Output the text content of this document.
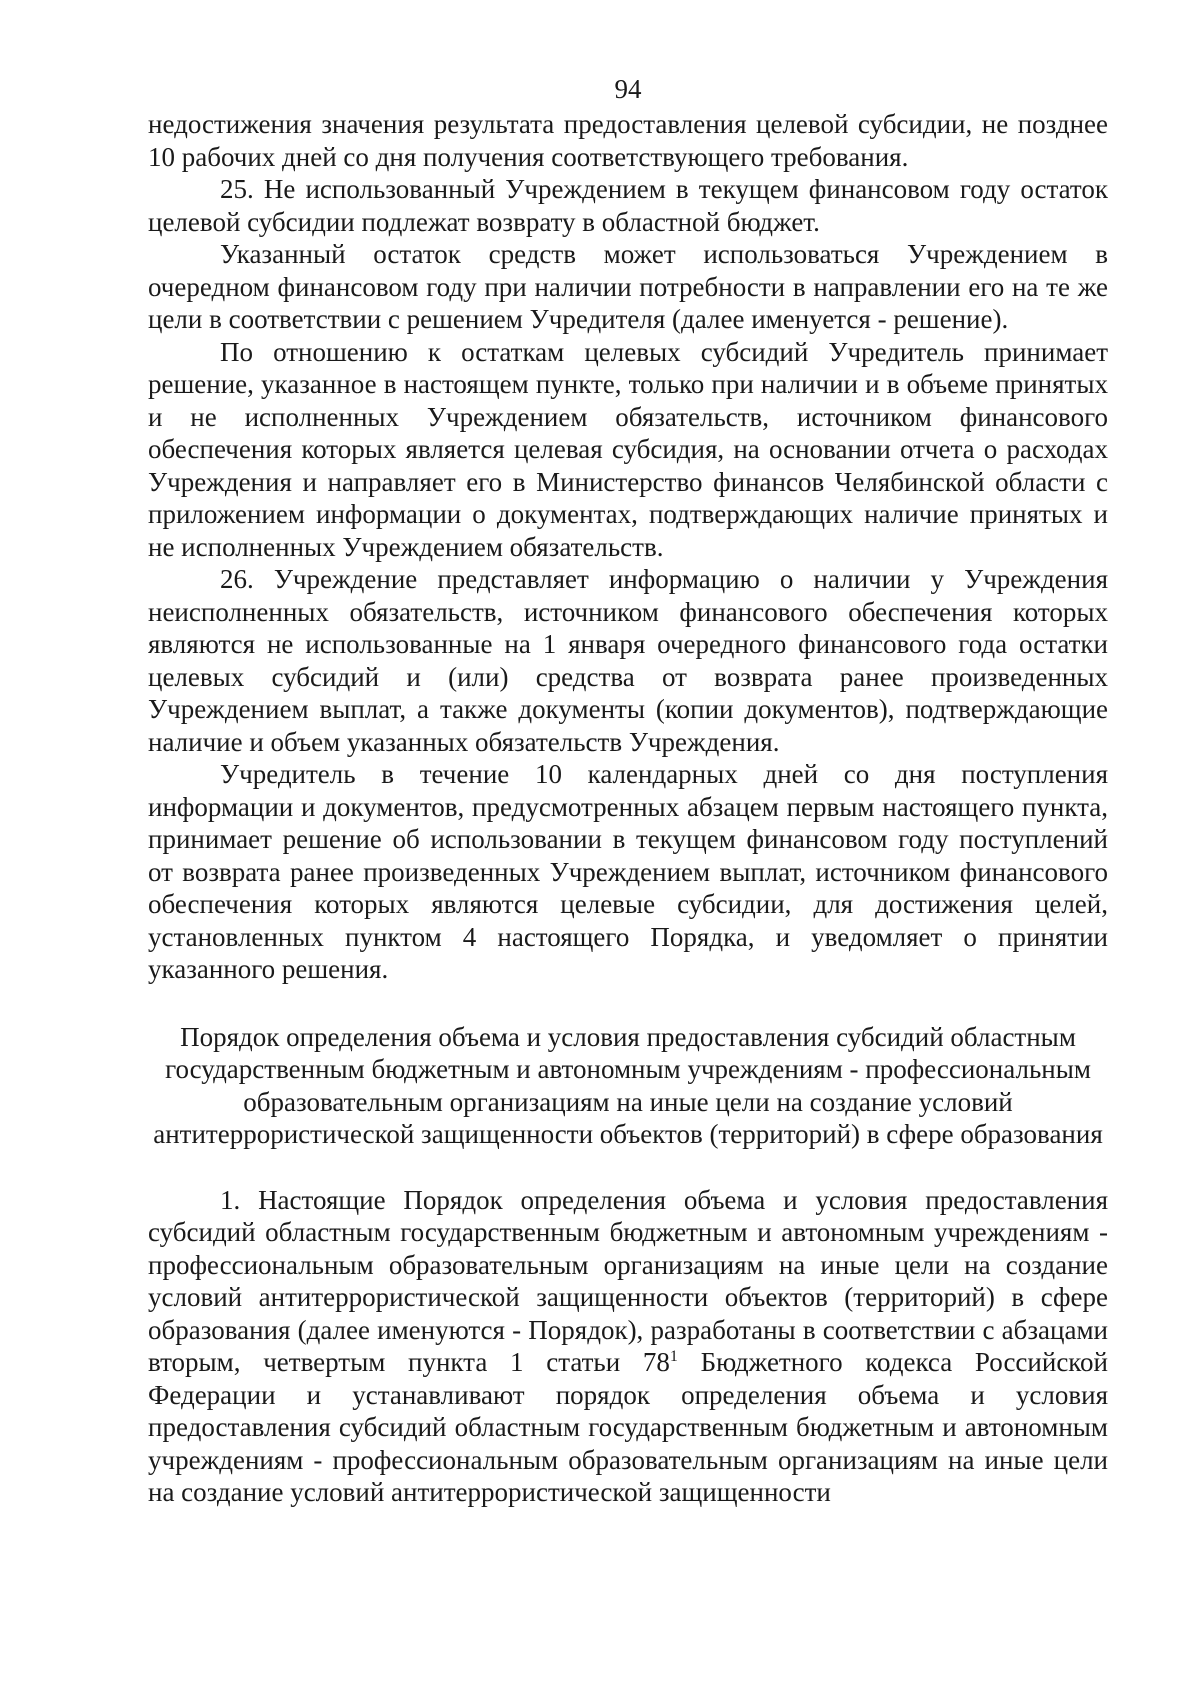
94

недостижения значения результата предоставления целевой субсидии, не позднее 10 рабочих дней со дня получения соответствующего требования.

25. Не использованный Учреждением в текущем финансовом году остаток целевой субсидии подлежат возврату в областной бюджет.

Указанный остаток средств может использоваться Учреждением в очередном финансовом году при наличии потребности в направлении его на те же цели в соответствии с решением Учредителя (далее именуется - решение).

По отношению к остаткам целевых субсидий Учредитель принимает решение, указанное в настоящем пункте, только при наличии и в объеме принятых и не исполненных Учреждением обязательств, источником финансового обеспечения которых является целевая субсидия, на основании отчета о расходах Учреждения и направляет его в Министерство финансов Челябинской области с приложением информации о документах, подтверждающих наличие принятых и не исполненных Учреждением обязательств.

26. Учреждение представляет информацию о наличии у Учреждения неисполненных обязательств, источником финансового обеспечения которых являются не использованные на 1 января очередного финансового года остатки целевых субсидий и (или) средства от возврата ранее произведенных Учреждением выплат, а также документы (копии документов), подтверждающие наличие и объем указанных обязательств Учреждения.

Учредитель в течение 10 календарных дней со дня поступления информации и документов, предусмотренных абзацем первым настоящего пункта, принимает решение об использовании в текущем финансовом году поступлений от возврата ранее произведенных Учреждением выплат, источником финансового обеспечения которых являются целевые субсидии, для достижения целей, установленных пунктом 4 настоящего Порядка, и уведомляет о принятии указанного решения.

Порядок определения объема и условия предоставления субсидий областным государственным бюджетным и автономным учреждениям - профессиональным образовательным организациям на иные цели на создание условий антитеррористической защищенности объектов (территорий) в сфере образования

1. Настоящие Порядок определения объема и условия предоставления субсидий областным государственным бюджетным и автономным учреждениям - профессиональным образовательным организациям на иные цели на создание условий антитеррористической защищенности объектов (территорий) в сфере образования (далее именуются - Порядок), разработаны в соответствии с абзацами вторым, четвертым пункта 1 статьи $78^1$ Бюджетного кодекса Российской Федерации и устанавливают порядок определения объема и условия предоставления субсидий областным государственным бюджетным и автономным учреждениям - профессиональным образовательным организациям на иные цели на создание условий антитеррористической защищенности
